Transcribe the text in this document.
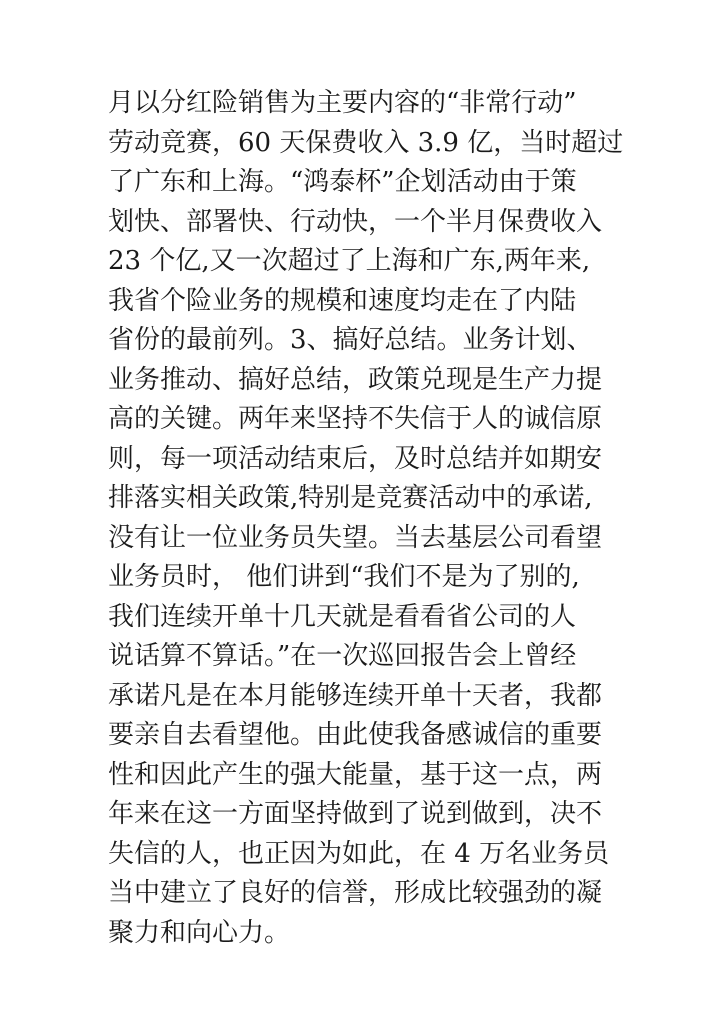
月以分红险销售为主要内容的“非常行动”
劳动竞赛，60 天保费收入 3.9 亿，当时超过
了广东和上海。“鸿泰杯”企划活动由于策
划快、部署快、行动快，一个半月保费收入
23 个亿,又一次超过了上海和广东,两年来,
我省个险业务的规模和速度均走在了内陆
省份的最前列。3、搞好总结。业务计划、
业务推动、搞好总结，政策兑现是生产力提
高的关键。两年来坚持不失信于人的诚信原
则，每一项活动结束后，及时总结并如期安
排落实相关政策,特别是竞赛活动中的承诺,
没有让一位业务员失望。当去基层公司看望
业务员时， 他们讲到“我们不是为了别的,
我们连续开单十几天就是看看省公司的人
说话算不算话。”在一次巡回报告会上曾经
承诺凡是在本月能够连续开单十天者，我都
要亲自去看望他。由此使我备感诚信的重要
性和因此产生的强大能量，基于这一点，两
年来在这一方面坚持做到了说到做到，决不
失信的人，也正因为如此，在 4 万名业务员
当中建立了良好的信誉，形成比较强劲的凝
聚力和向心力。
